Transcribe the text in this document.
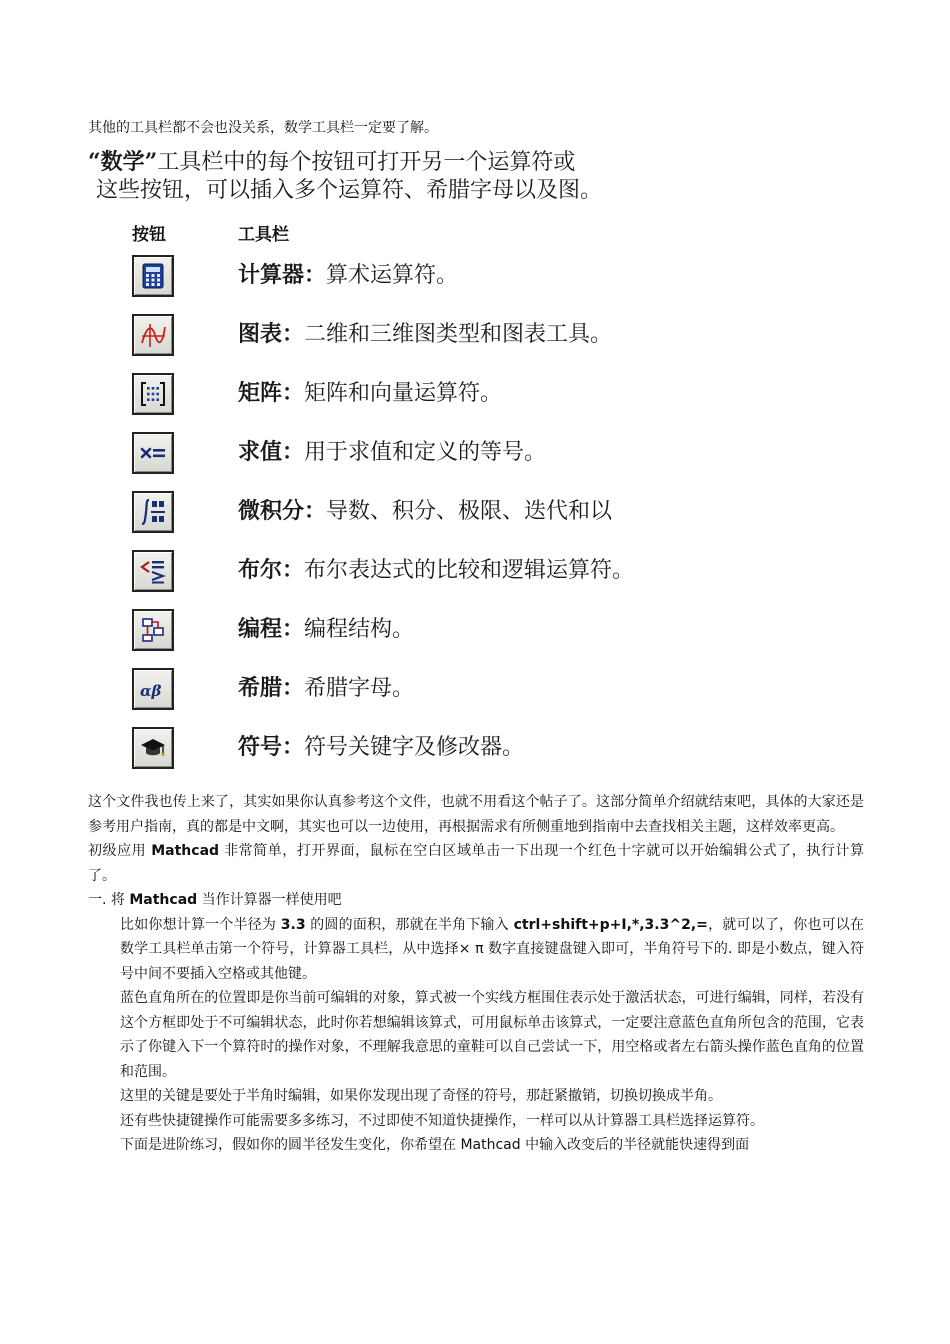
其他的工具栏都不会也没关系，数学工具栏一定要了解。
“数学”工具栏中的每个按钮可打开另一个运算符或
这些按钮，可以插入多个运算符、希腊字母以及图。
按钮	工具栏
计算器：算术运算符。
图表：二维和三维图类型和图表工具。
矩阵：矩阵和向量运算符。
求值：用于求值和定义的等号。
微积分：导数、积分、极限、迭代和以
布尔：布尔表达式的比较和逻辑运算符。
编程：编程结构。
αβ	希腊：希腊字母。
符号：符号关键字及修改器。

这个文件我也传上来了，其实如果你认真参考这个文件，也就不用看这个帖子了。这部分简单介绍就结束吧，具体的大家还是参考用户指南，真的都是中文啊，其实也可以一边使用，再根据需求有所侧重地到指南中去查找相关主题，这样效率更高。

初级应用 Mathcad 非常简单，打开界面，鼠标在空白区域单击一下出现一个红色十字就可以开始编辑公式了，执行计算了。

一. 将 Mathcad 当作计算器一样使用吧

比如你想计算一个半径为 3.3 的圆的面积，那就在半角下输入 ctrl+shift+p+I,*,3.3^2,=，就可以了，你也可以在数学工具栏单击第一个符号，计算器工具栏，从中选择× π 数字直接键盘键入即可，半角符号下的. 即是小数点，键入符号中间不要插入空格或其他键。

蓝色直角所在的位置即是你当前可编辑的对象，算式被一个实线方框围住表示处于激活状态，可进行编辑，同样，若没有这个方框即处于不可编辑状态，此时你若想编辑该算式，可用鼠标单击该算式，一定要注意蓝色直角所包含的范围，它表示了你键入下一个算符时的操作对象，不理解我意思的童鞋可以自己尝试一下，用空格或者左右箭头操作蓝色直角的位置和范围。

这里的关键是要处于半角时编辑，如果你发现出现了奇怪的符号，那赶紧撤销，切换切换成半角。

还有些快捷键操作可能需要多多练习，不过即使不知道快捷操作，一样可以从计算器工具栏选择运算符。

下面是进阶练习，假如你的圆半径发生变化，你希望在 Mathcad 中输入改变后的半径就能快速得到面
